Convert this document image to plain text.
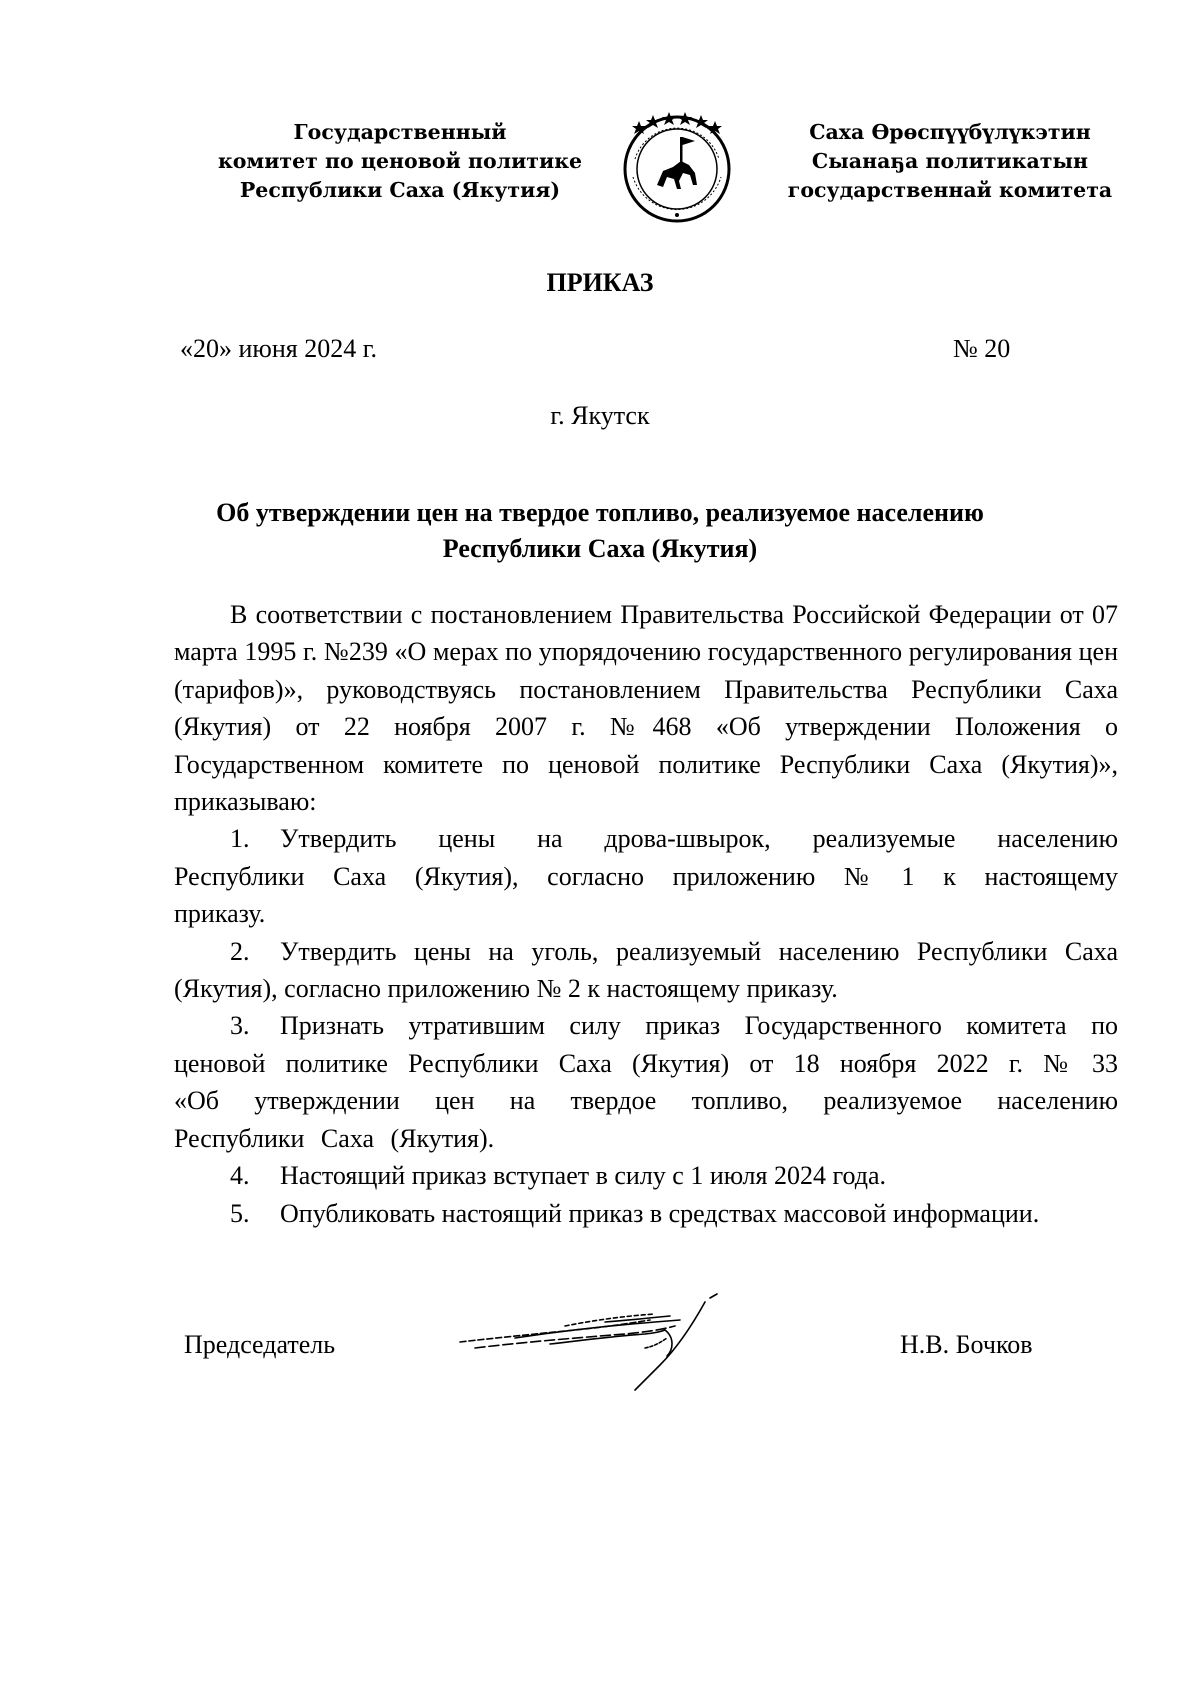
Государственный
комитет по ценовой политике
Республики Саха (Якутия)
Саха Өрөспүүбүлүкэтин
Сыанаҕа политикатын
государственнай комитета
ПРИКАЗ
«20» июня 2024 г.	№ 20
г. Якутск
Об утверждении цен на твердое топливо, реализуемое населению
Республики Саха (Якутия)

В соответствии с постановлением Правительства Российской Федерации от 07 марта 1995 г. №239 «О мерах по упорядочению государственного регулирования цен (тарифов)», руководствуясь постановлением Правительства Республики Саха (Якутия) от 22 ноября 2007 г. №468 «Об утверждении Положения о Государственном комитете по ценовой политике Республики Саха (Якутия)», приказываю:

1. Утвердить цены на дрова-швырок, реализуемые населению Республики Саха (Якутия), согласно приложению № 1 к настоящему приказу.

2. Утвердить цены на уголь, реализуемый населению Республики Саха (Якутия), согласно приложению № 2 к настоящему приказу.

3. Признать утратившим силу приказ Государственного комитета по ценовой политике Республики Саха (Якутия) от 18 ноября 2022 г. № 33 «Об утверждении цен на твердое топливо, реализуемое населению Республики Саха (Якутия).

4. Настоящий приказ вступает в силу с 1 июля 2024 года.

5. Опубликовать настоящий приказ в средствах массовой информации.

Председатель	Н.В. Бочков
